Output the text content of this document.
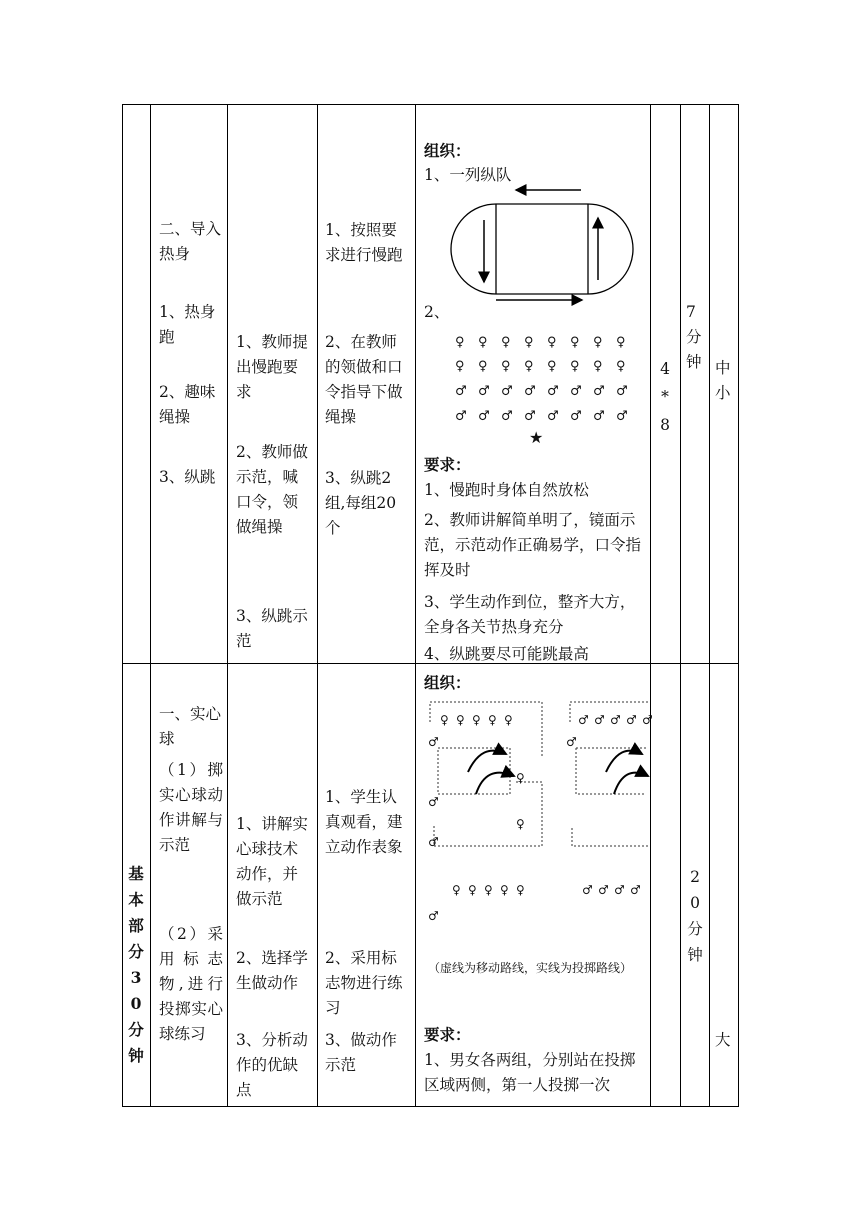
二、导入热身
1、热身跑
2、趣味绳操
3、纵跳
1、教师提出慢跑要求
2、教师做示范，喊口令，领做绳操
3、纵跳示范
1、按照要求进行慢跑
2、在教师的领做和口令指导下做绳操
3、纵跳2组,每组20个
组织：
1、一列纵队
2、
♀ ♀ ♀ ♀ ♀ ♀ ♀ ♀
♀ ♀ ♀ ♀ ♀ ♀ ♀ ♀
♂ ♂ ♂ ♂ ♂ ♂ ♂ ♂
♂ ♂ ♂ ♂ ♂ ♂ ♂ ♂
★
要求：
1、慢跑时身体自然放松
2、教师讲解简单明了，镜面示范，示范动作正确易学，口令指挥及时
3、学生动作到位，整齐大方，全身各关节热身充分
4、纵跳要尽可能跳最高
4
*
8
7分钟 中小
基
本
部
分
3
0
分
钟
一、实心球
（1）掷实心球动作讲解与示范
（2）采用标志物,进行投掷实心球练习
1、讲解实心球技术动作，并做示范
2、选择学生做动作
3、分析动作的优缺点
1、学生认真观看，建立动作表象
2、采用标志物进行练习
3、做动作示范
组织：
♀ ♀ ♀ ♀ ♀
♂
♀
♂
♀
♂
♂ ♂ ♂ ♂ ♂
♂
♀ ♀ ♀ ♀ ♀
♂
♂ ♂ ♂ ♂
（虚线为移动路线，实线为投掷路线）
要求：
1、男女各两组，分别站在投掷区域两侧，第一人投掷一次
2
0
分
钟
大
